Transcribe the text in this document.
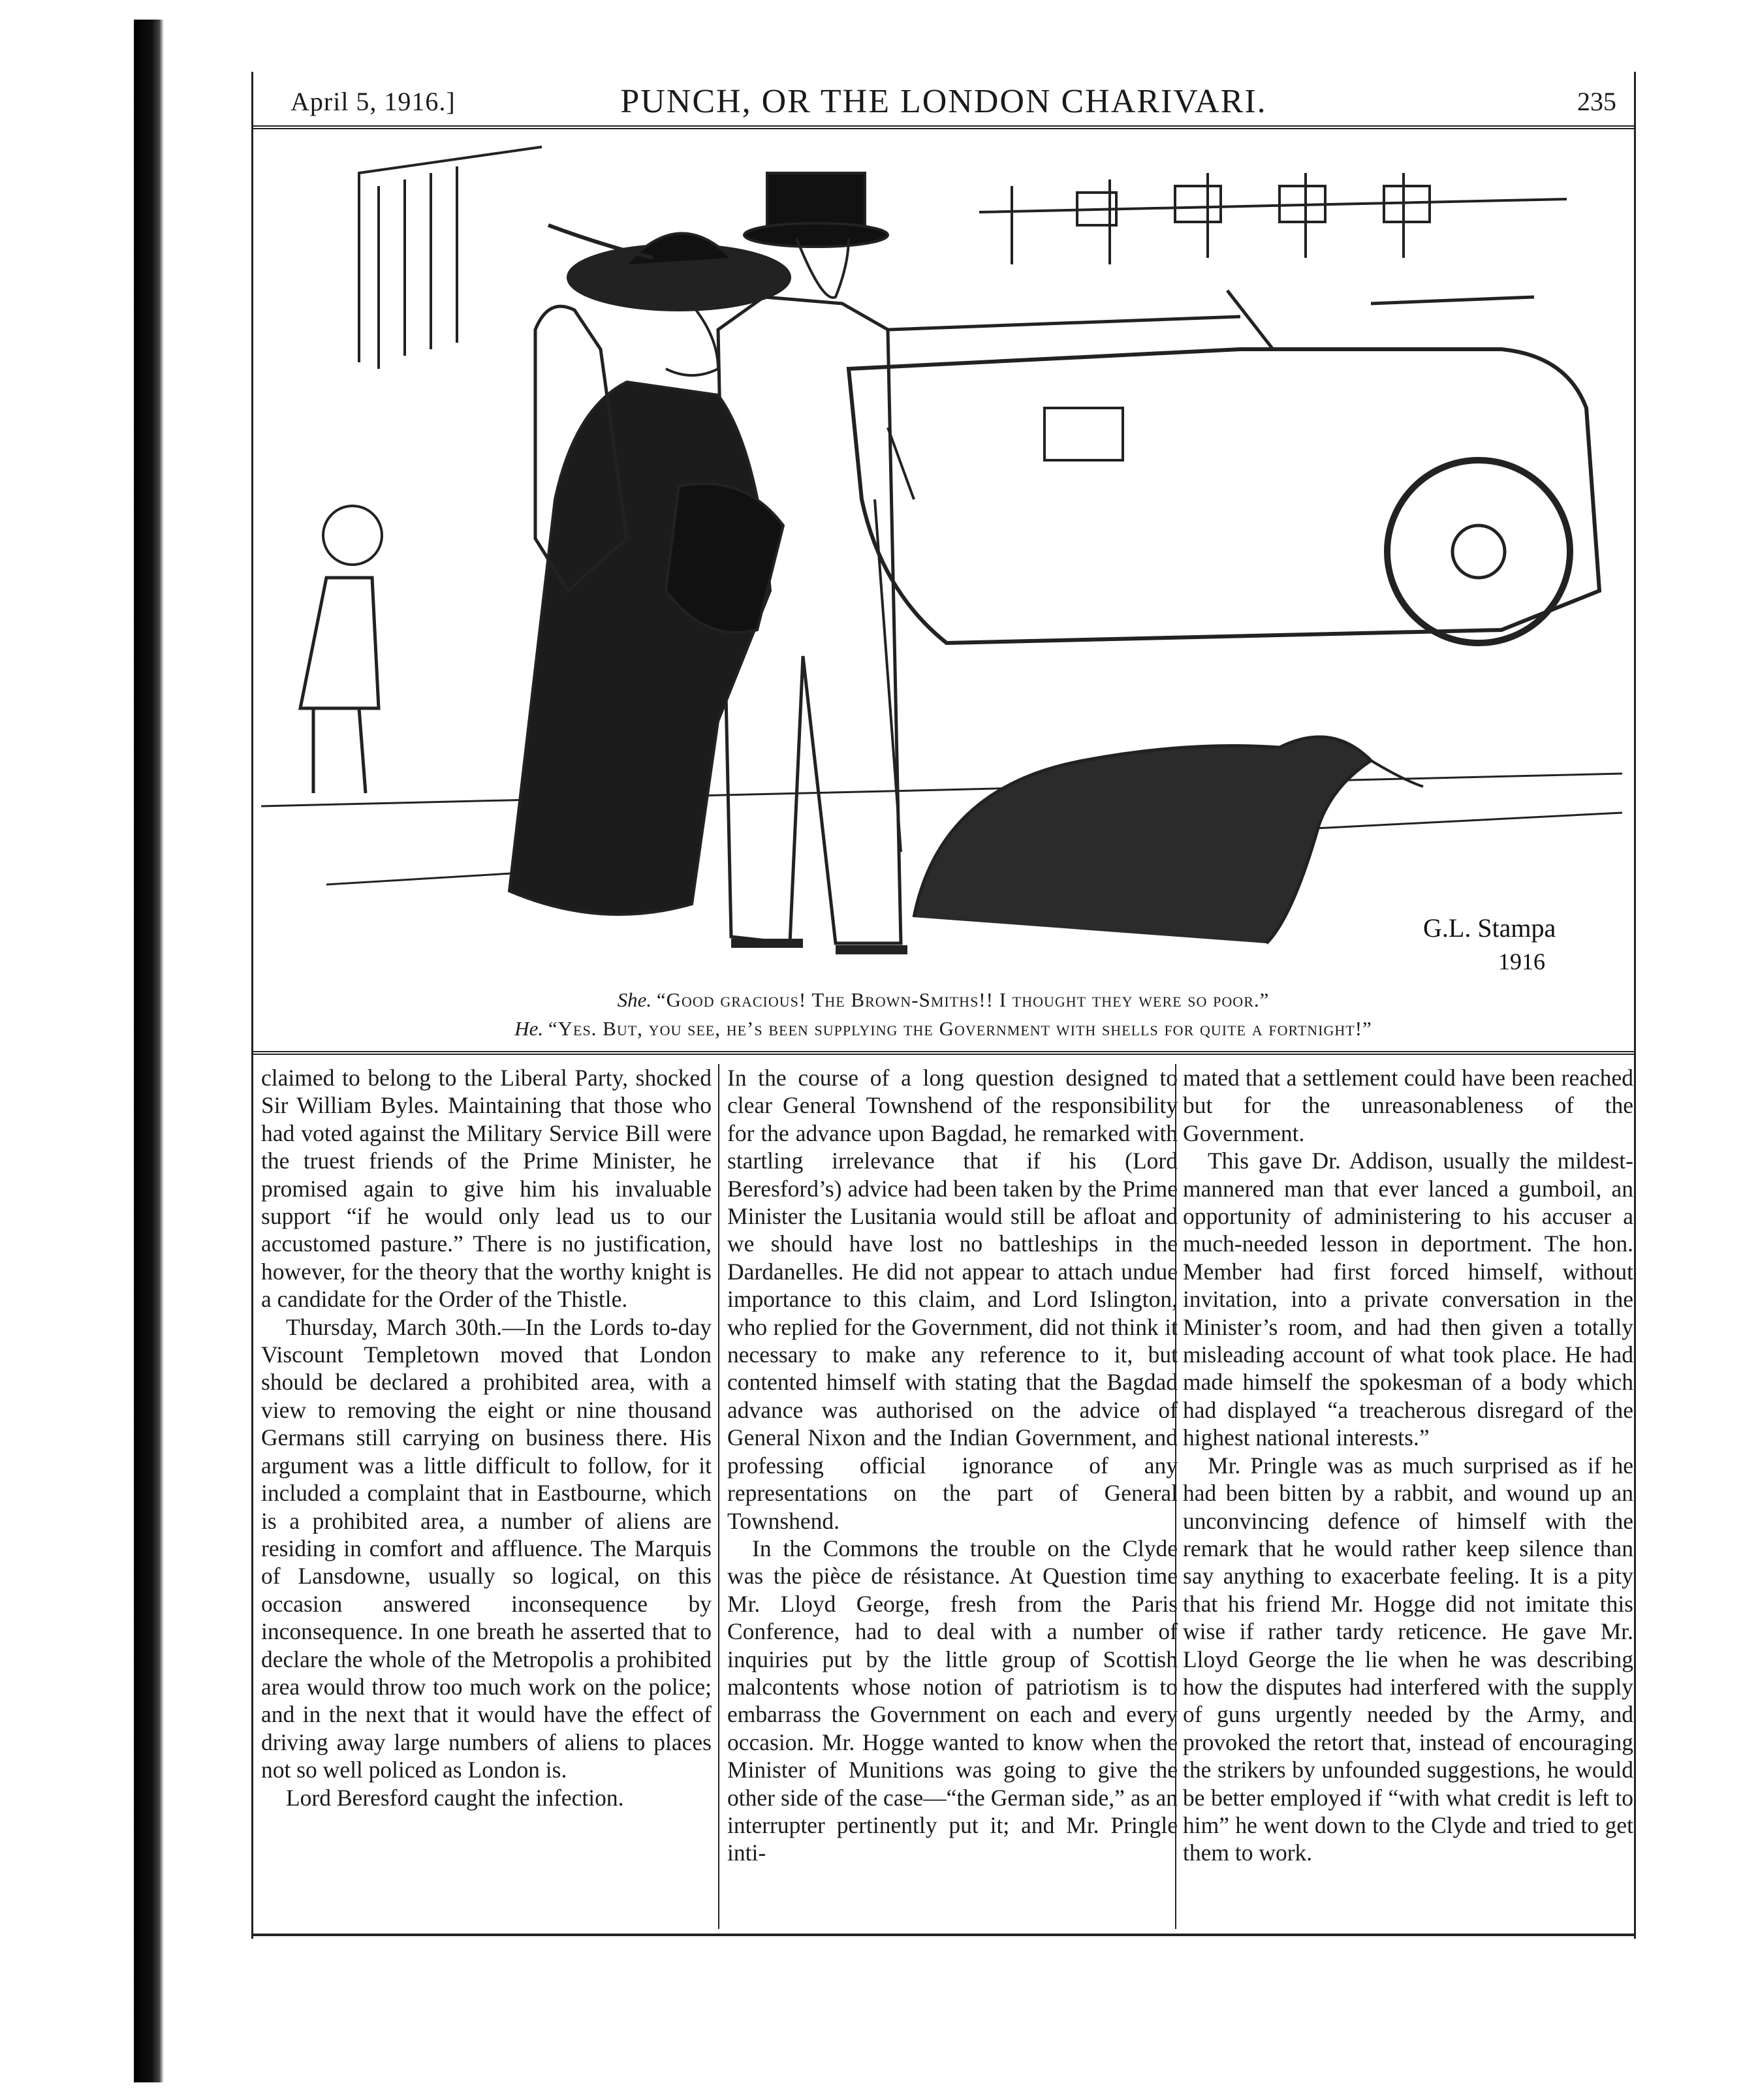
April 5, 1916.]	PUNCH, OR THE LONDON CHARIVARI.	235
G.L. Stampa
1916
She. “Good gracious! The Brown-Smiths!! I thought they were so poor.”
He. “Yes. But, you see, he’s been supplying the Government with shells for quite a fortnight!”

claimed to belong to the Liberal Party, shocked Sir William Byles. Maintaining that those who had voted against the Military Service Bill were the truest friends of the Prime Minister, he promised again to give him his invaluable support “if he would only lead us to our accustomed pasture.” There is no justification, however, for the theory that the worthy knight is a candidate for the Order of the Thistle.

Thursday, March 30th.—In the Lords to-day Viscount Templetown moved that London should be declared a prohibited area, with a view to removing the eight or nine thousand Germans still carrying on business there. His argument was a little difficult to follow, for it included a complaint that in Eastbourne, which is a prohibited area, a number of aliens are residing in comfort and affluence. The Marquis of Lansdowne, usually so logical, on this occasion answered inconsequence by inconsequence. In one breath he asserted that to declare the whole of the Metropolis a prohibited area would throw too much work on the police; and in the next that it would have the effect of driving away large numbers of aliens to places not so well policed as London is.

Lord Beresford caught the infection.

In the course of a long question designed to clear General Townshend of the responsibility for the advance upon Bagdad, he remarked with startling irrelevance that if his (Lord Beresford’s) advice had been taken by the Prime Minister the Lusitania would still be afloat and we should have lost no battleships in the Dardanelles. He did not appear to attach undue importance to this claim, and Lord Islington, who replied for the Government, did not think it necessary to make any reference to it, but contented himself with stating that the Bagdad advance was authorised on the advice of General Nixon and the Indian Government, and professing official ignorance of any representations on the part of General Townshend.

In the Commons the trouble on the Clyde was the pièce de résistance. At Question time Mr. Lloyd George, fresh from the Paris Conference, had to deal with a number of inquiries put by the little group of Scottish malcontents whose notion of patriotism is to embarrass the Government on each and every occasion. Mr. Hogge wanted to know when the Minister of Munitions was going to give the other side of the case—“the German side,” as an interrupter pertinently put it; and Mr. Pringle inti-

mated that a settlement could have been reached but for the unreasonableness of the Government.

This gave Dr. Addison, usually the mildest-mannered man that ever lanced a gumboil, an opportunity of administering to his accuser a much-needed lesson in deportment. The hon. Member had first forced himself, without invitation, into a private conversation in the Minister’s room, and had then given a totally misleading account of what took place. He had made himself the spokesman of a body which had displayed “a treacherous disregard of the highest national interests.”

Mr. Pringle was as much surprised as if he had been bitten by a rabbit, and wound up an unconvincing defence of himself with the remark that he would rather keep silence than say anything to exacerbate feeling. It is a pity that his friend Mr. Hogge did not imitate this wise if rather tardy reticence. He gave Mr. Lloyd George the lie when he was describing how the disputes had interfered with the supply of guns urgently needed by the Army, and provoked the retort that, instead of encouraging the strikers by unfounded suggestions, he would be better employed if “with what credit is left to him” he went down to the Clyde and tried to get them to work.
